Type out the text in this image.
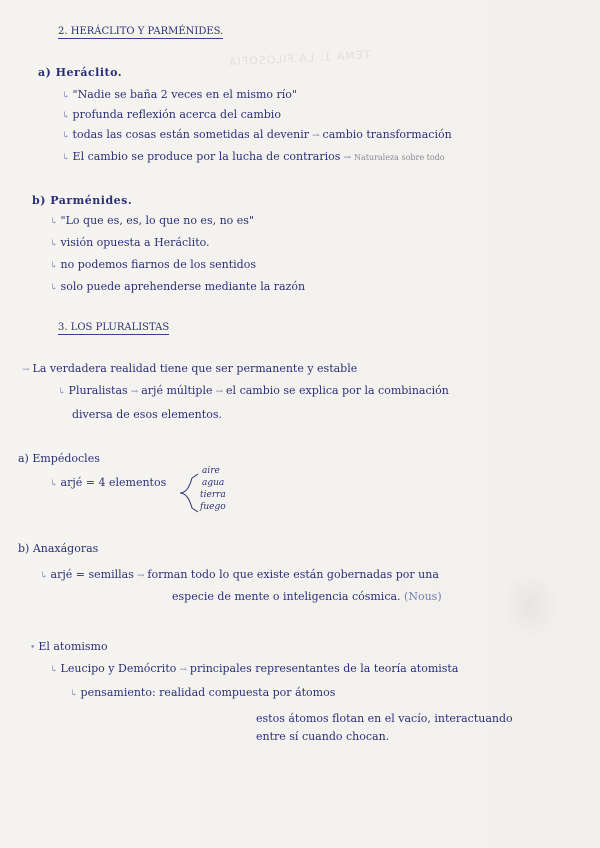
TEMA 1: LA FILOSOFÍA
2. HERÁCLITO Y PARMÉNIDES.
a) Heráclito.
↳ "Nadie se baña 2 veces en el mismo río"
↳ profunda reflexión acerca del cambio
↳ todas las cosas están sometidas al devenir → cambio transformación
↳ El cambio se produce por la lucha de contrarios → Naturaleza sobre todo
b) Parménides.
↳ "Lo que es, es, lo que no es, no es"
↳ visión opuesta a Heráclito.
↳ no podemos fiarnos de los sentidos
↳ solo puede aprehenderse mediante la razón
3. LOS PLURALISTAS
→ La verdadera realidad tiene que ser permanente y estable
↳ Pluralistas → arjé múltiple → el cambio se explica por la combinación
diversa de esos elementos.
a) Empédocles
↳ arjé = 4 elementos
aire
agua
tierra
fuego
b) Anaxágoras
↳ arjé = semillas → forman todo lo que existe están gobernadas por una
especie de mente o inteligencia cósmica. (Nous)
• El atomismo
↳ Leucipo y Demócrito → principales representantes de la teoría atomista
↳ pensamiento: realidad compuesta por átomos
estos átomos flotan en el vacío, interactuando
entre sí cuando chocan.
